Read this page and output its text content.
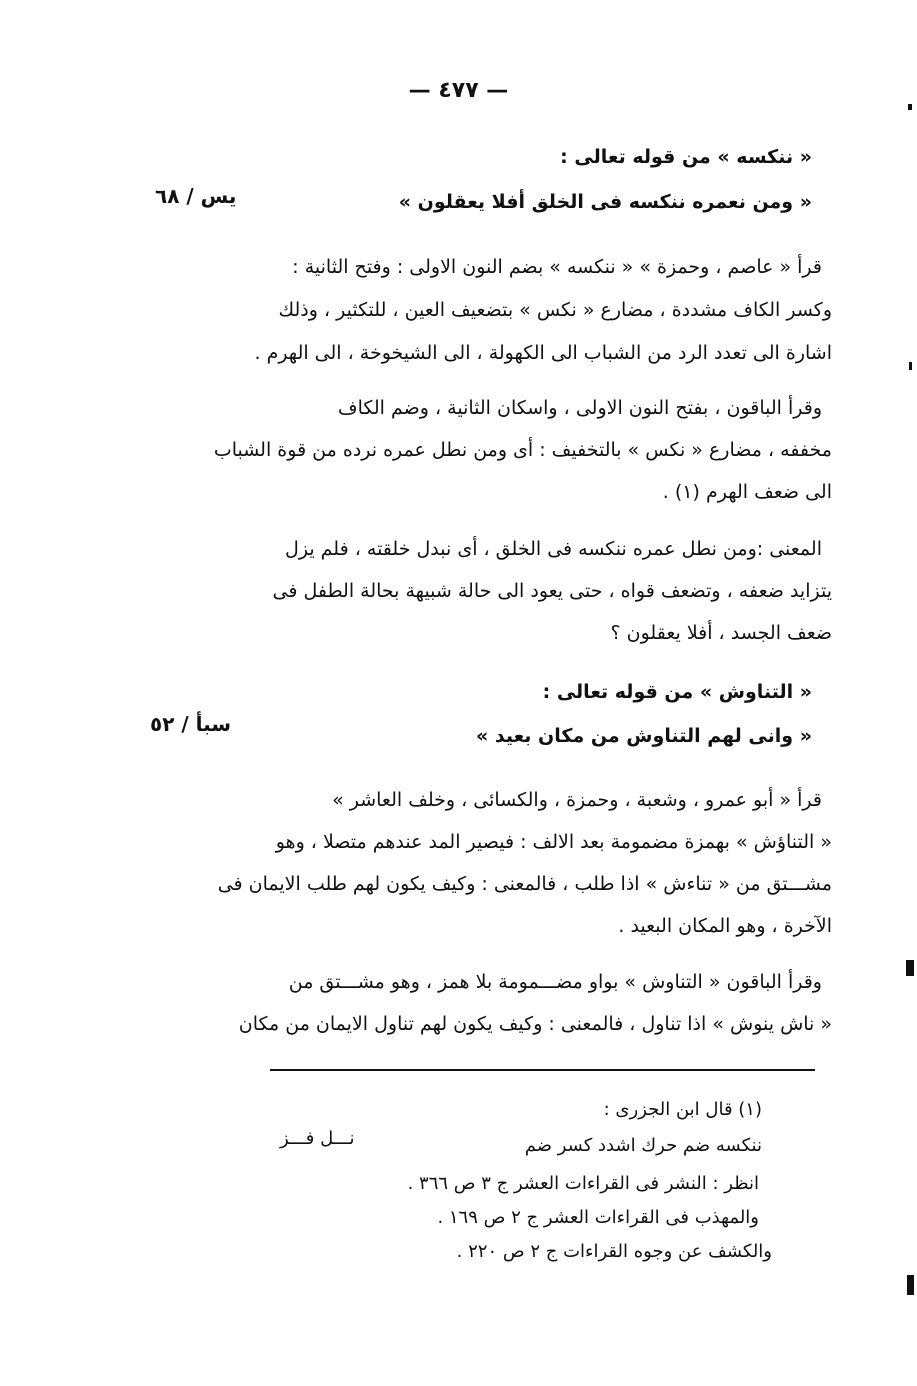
— ٤٧٧ —
« ننكسه » من قوله تعالى :
« ومن نعمره ننكسه فى الخلق أفلا يعقلون »
يس / ٦٨
قرأ « عاصم ، وحمزة » « ننكسه » بضم النون الاولى : وفتح الثانية :
وكسر الكاف مشددة ، مضارع « نكس » بتضعيف العين ، للتكثير ، وذلك
اشارة الى تعدد الرد من الشباب الى الكهولة ، الى الشيخوخة ، الى الهرم .
وقرأ الباقون ، بفتح النون الاولى ، واسكان الثانية ، وضم الكاف
مخففه ، مضارع « نكس » بالتخفيف : أى ومن نطل عمره نرده من قوة الشباب
الى ضعف الهرم (١) .
المعنى :ومن نطل عمره ننكسه فى الخلق ، أى نبدل خلقته ، فلم يزل
يتزايد ضعفه ، وتضعف قواه ، حتى يعود الى حالة شبيهة بحالة الطفل فى
ضعف الجسد ، أفلا يعقلون ؟
« التناوش » من قوله تعالى :
« وانى لهم التناوش من مكان بعيد »
سبأ / ٥٢
قرأ « أبو عمرو ، وشعبة ، وحمزة ، والكسائى ، وخلف العاشر »
« التناؤش » بهمزة مضمومة بعد الالف : فيصير المد عندهم متصلا ، وهو
مشـــتق من « تناءش » اذا طلب ، فالمعنى : وكيف يكون لهم طلب الايمان فى
الآخرة ، وهو المكان البعيد .
وقرأ الباقون « التناوش » بواو مضـــمومة بلا همز ، وهو مشـــتق من
« ناش ينوش » اذا تناول ، فالمعنى : وكيف يكون لهم تناول الايمان من مكان
(١) قال ابن الجزرى :
ننكسه ضم حرك اشدد كسر ضم
نـــل فـــز
انظر : النشر فى القراءات العشر ج ٣ ص ٣٦٦ .
والمهذب فى القراءات العشر ج ٢ ص ١٦٩ .
والكشف عن وجوه القراءات ج ٢ ص ٢٢٠ .
